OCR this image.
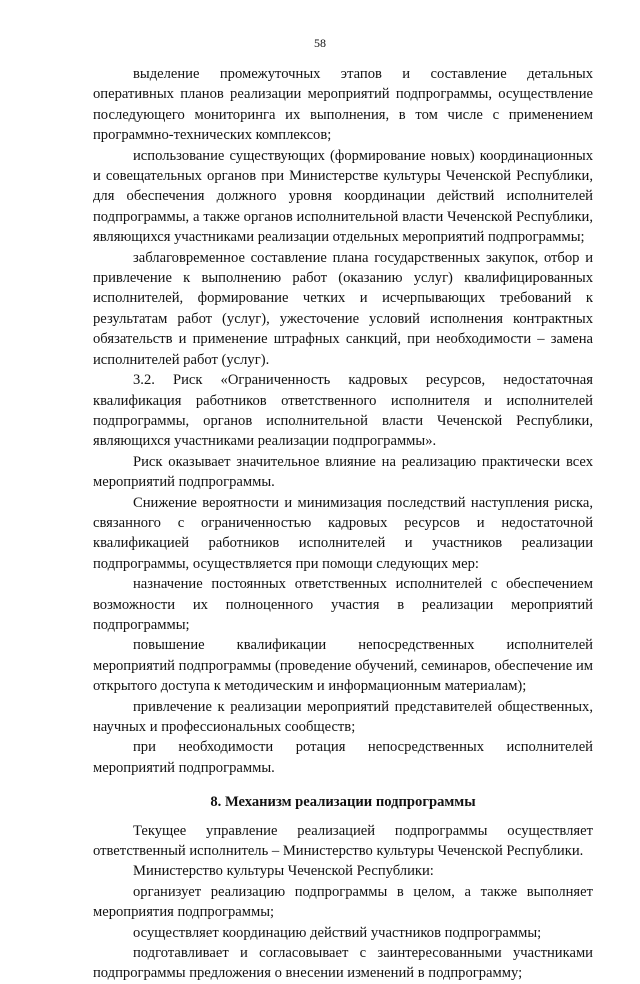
58

выделение промежуточных этапов и составление детальных оперативных планов реализации мероприятий подпрограммы, осуществление последующего мониторинга их выполнения, в том числе с применением программно-технических комплексов;

использование существующих (формирование новых) координационных и совещательных органов при Министерстве культуры Чеченской Республики, для обеспечения должного уровня координации действий исполнителей подпрограммы, а также органов исполнительной власти Чеченской Республики, являющихся участниками реализации отдельных мероприятий подпрограммы;

заблаговременное составление плана государственных закупок, отбор и привлечение к выполнению работ (оказанию услуг) квалифицированных исполнителей, формирование четких и исчерпывающих требований к результатам работ (услуг), ужесточение условий исполнения контрактных обязательств и применение штрафных санкций, при необходимости – замена исполнителей работ (услуг).

3.2. Риск «Ограниченность кадровых ресурсов, недостаточная квалификация работников ответственного исполнителя и исполнителей подпрограммы, органов исполнительной власти Чеченской Республики, являющихся участниками реализации подпрограммы».

Риск оказывает значительное влияние на реализацию практически всех мероприятий подпрограммы.

Снижение вероятности и минимизация последствий наступления риска, связанного с ограниченностью кадровых ресурсов и недостаточной квалификацией работников исполнителей и участников реализации подпрограммы, осуществляется при помощи следующих мер:

назначение постоянных ответственных исполнителей с обеспечением возможности их полноценного участия в реализации мероприятий подпрограммы;

повышение квалификации непосредственных исполнителей мероприятий подпрограммы (проведение обучений, семинаров, обеспечение им открытого доступа к методическим и информационным материалам);

привлечение к реализации мероприятий представителей общественных, научных и профессиональных сообществ;

при необходимости ротация непосредственных исполнителей мероприятий подпрограммы.

8. Механизм реализации подпрограммы

Текущее управление реализацией подпрограммы осуществляет ответственный исполнитель – Министерство культуры Чеченской Республики.

Министерство культуры Чеченской Республики:

организует реализацию подпрограммы в целом, а также выполняет мероприятия подпрограммы;

осуществляет координацию действий участников подпрограммы;

подготавливает и согласовывает с заинтересованными участниками подпрограммы предложения о внесении изменений в подпрограмму;
